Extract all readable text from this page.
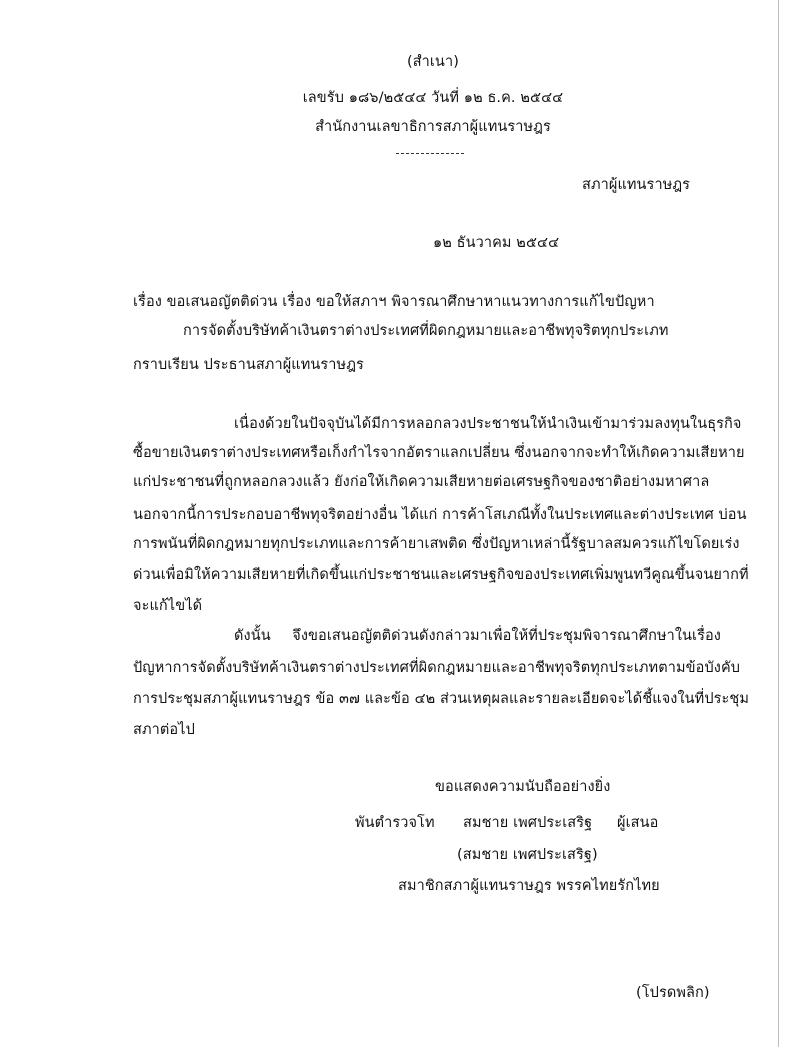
(สำเนา)
เลขรับ ๑๘๖/๒๕๔๔ วันที่ ๑๒ ธ.ค. ๒๕๔๔
สำนักงานเลขาธิการสภาผู้แทนราษฎร
สภาผู้แทนราษฎร
๑๒ ธันวาคม ๒๕๔๔
เรื่อง ขอเสนอญัตติด่วน เรื่อง ขอให้สภาฯ พิจารณาศึกษาหาแนวทางการแก้ไขปัญหา
การจัดตั้งบริษัทค้าเงินตราต่างประเทศที่ผิดกฎหมายและอาชีพทุจริตทุกประเภท
กราบเรียน ประธานสภาผู้แทนราษฎร
เนื่องด้วยในปัจจุบันได้มีการหลอกลวงประชาชนให้นำเงินเข้ามาร่วมลงทุนในธุรกิจ
ซื้อขายเงินตราต่างประเทศหรือเก็งกำไรจากอัตราแลกเปลี่ยน ซึ่งนอกจากจะทำให้เกิดความเสียหาย
แก่ประชาชนที่ถูกหลอกลวงแล้ว ยังก่อให้เกิดความเสียหายต่อเศรษฐกิจของชาติอย่างมหาศาล
นอกจากนี้การประกอบอาชีพทุจริตอย่างอื่น ได้แก่ การค้าโสเภณีทั้งในประเทศและต่างประเทศ บ่อน
การพนันที่ผิดกฎหมายทุกประเภทและการค้ายาเสพติด ซึ่งปัญหาเหล่านี้รัฐบาลสมควรแก้ไขโดยเร่ง
ด่วนเพื่อมิให้ความเสียหายที่เกิดขึ้นแก่ประชาชนและเศรษฐกิจของประเทศเพิ่มพูนทวีคูณขึ้นจนยากที่
จะแก้ไขได้
ดังนั้น จึงขอเสนอญัตติด่วนดังกล่าวมาเพื่อให้ที่ประชุมพิจารณาศึกษาในเรื่อง
ปัญหาการจัดตั้งบริษัทค้าเงินตราต่างประเทศที่ผิดกฎหมายและอาชีพทุจริตทุกประเภทตามข้อบังคับ
การประชุมสภาผู้แทนราษฎร ข้อ ๓๗ และข้อ ๔๒ ส่วนเหตุผลและรายละเอียดจะได้ชี้แจงในที่ประชุม
สภาต่อไป
ขอแสดงความนับถืออย่างยิ่ง
พันตำรวจโท สมชาย เพศประเสริฐ ผู้เสนอ
(สมชาย เพศประเสริฐ)
สมาชิกสภาผู้แทนราษฎร พรรคไทยรักไทย
(โปรดพลิก)
